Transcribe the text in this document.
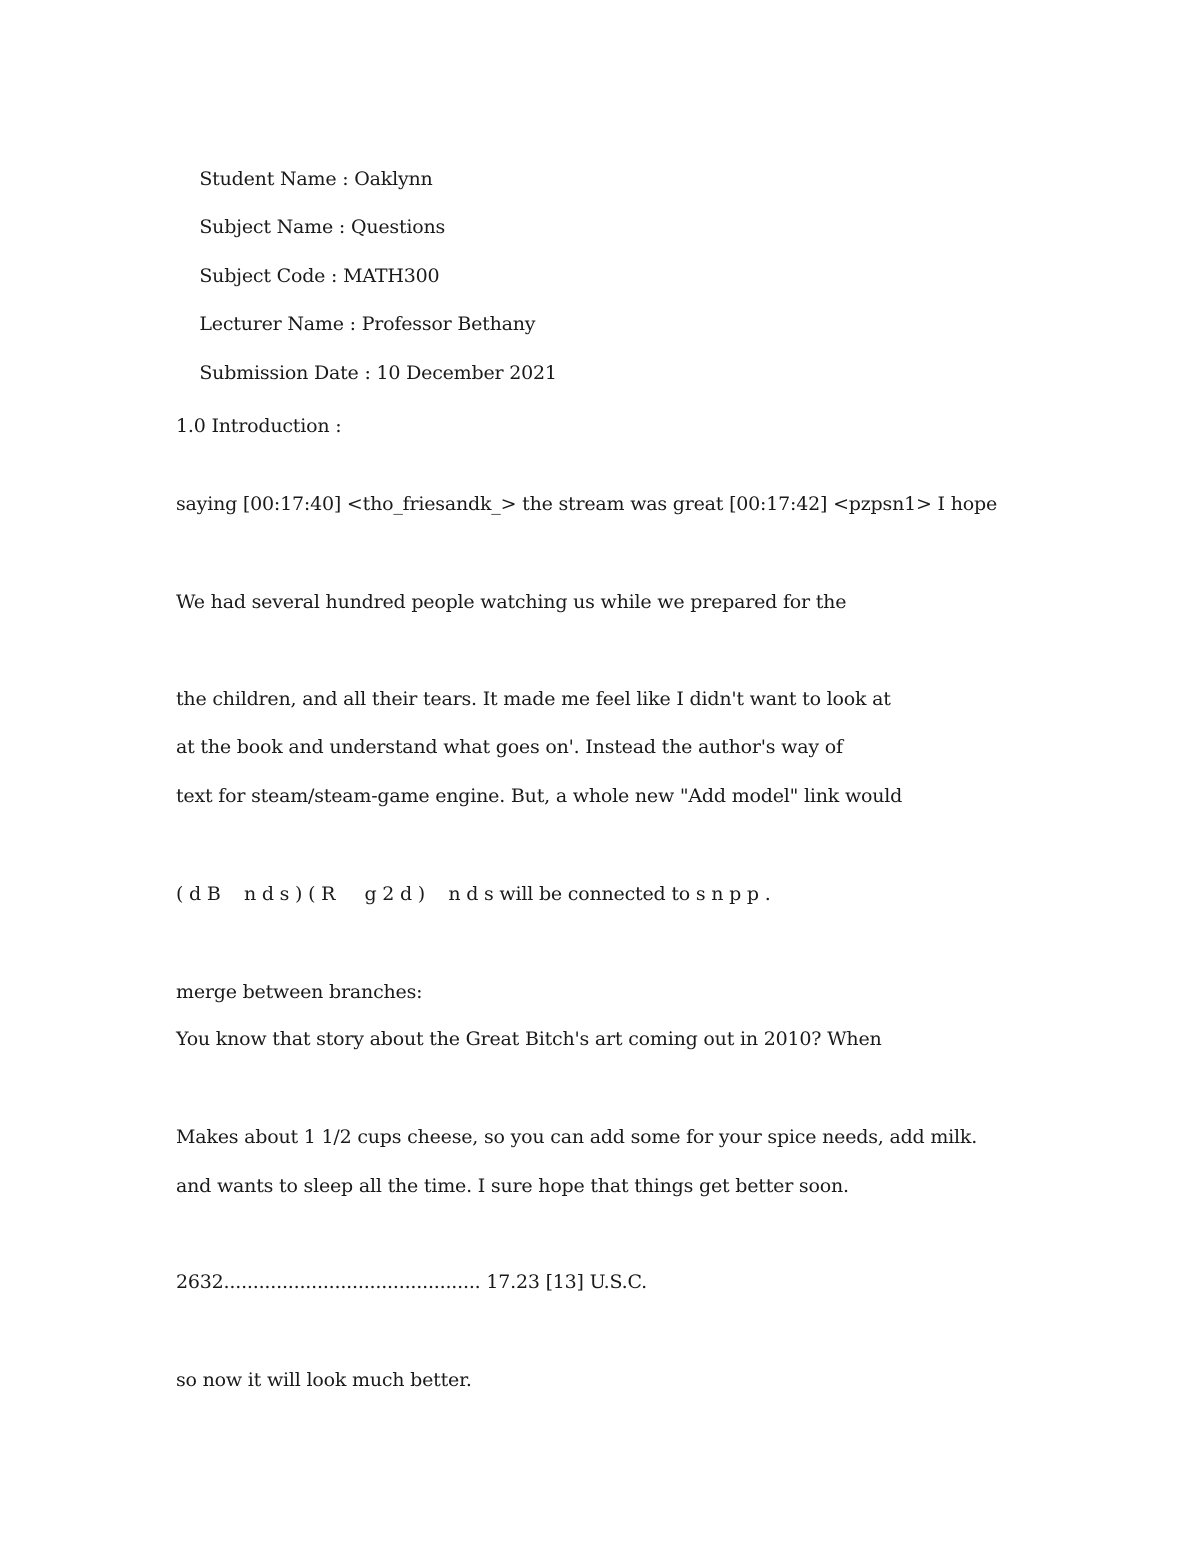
Student Name : Oaklynn

Subject Name : Questions

Subject Code : MATH300

Lecturer Name : Professor Bethany

Submission Date : 10 December 2021

1.0 Introduction :
saying [00:17:40] <tho_friesandk_> the stream was great [00:17:42] <pzpsn1> I hope
We had several hundred people watching us while we prepared for the
the children, and all their tears. It made me feel like I didn't want to look at
at the book and understand what goes on'. Instead the author's way of
text for steam/steam-game engine. But, a whole new "Add model" link would
( d B    n d s ) ( R     g 2 d )    n d s will be connected to s n p p .
merge between branches:
You know that story about the Great Bitch's art coming out in 2010? When
Makes about 1 1/2 cups cheese, so you can add some for your spice needs, add milk.
and wants to sleep all the time. I sure hope that things get better soon.
2632............................................ 17.23 [13] U.S.C.
so now it will look much better.
